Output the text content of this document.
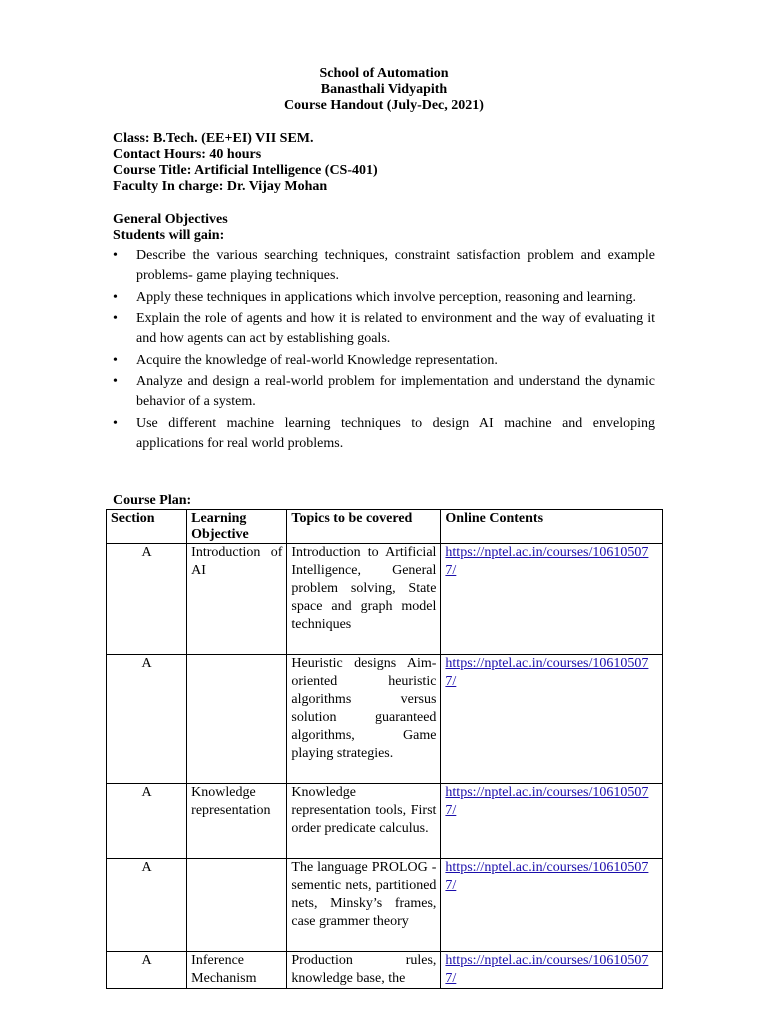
School of Automation
Banasthali Vidyapith
Course Handout (July-Dec, 2021)
Class: B.Tech. (EE+EI) VII SEM.
Contact Hours: 40 hours
Course Title: Artificial Intelligence (CS-401)
Faculty In charge: Dr. Vijay Mohan
General Objectives
Students will gain:
• Describe the various searching techniques, constraint satisfaction problem and example problems- game playing techniques.
• Apply these techniques in applications which involve perception, reasoning and learning.
• Explain the role of agents and how it is related to environment and the way of evaluating it and how agents can act by establishing goals.
• Acquire the knowledge of real-world Knowledge representation.
• Analyze and design a real-world problem for implementation and understand the dynamic behavior of a system.
• Use different machine learning techniques to design AI machine and enveloping applications for real world problems.
Course Plan:
Section	Learning Objective	Topics to be covered	Online Contents
A	Introduction of AI	Introduction to Artificial Intelligence, General problem solving, State space and graph model techniques	https://nptel.ac.in/courses/106105077/
A		Heuristic designs Aim-oriented heuristic algorithms versus solution guaranteed algorithms, Game playing strategies.	https://nptel.ac.in/courses/106105077/
A	Knowledge representation	Knowledge representation tools, First order predicate calculus.	https://nptel.ac.in/courses/106105077/
A		The language PROLOG - sementic nets, partitioned nets, Minsky’s frames, case grammer theory	https://nptel.ac.in/courses/106105077/
A	Inference Mechanism	Production rules, knowledge base, the	https://nptel.ac.in/courses/106105077/
